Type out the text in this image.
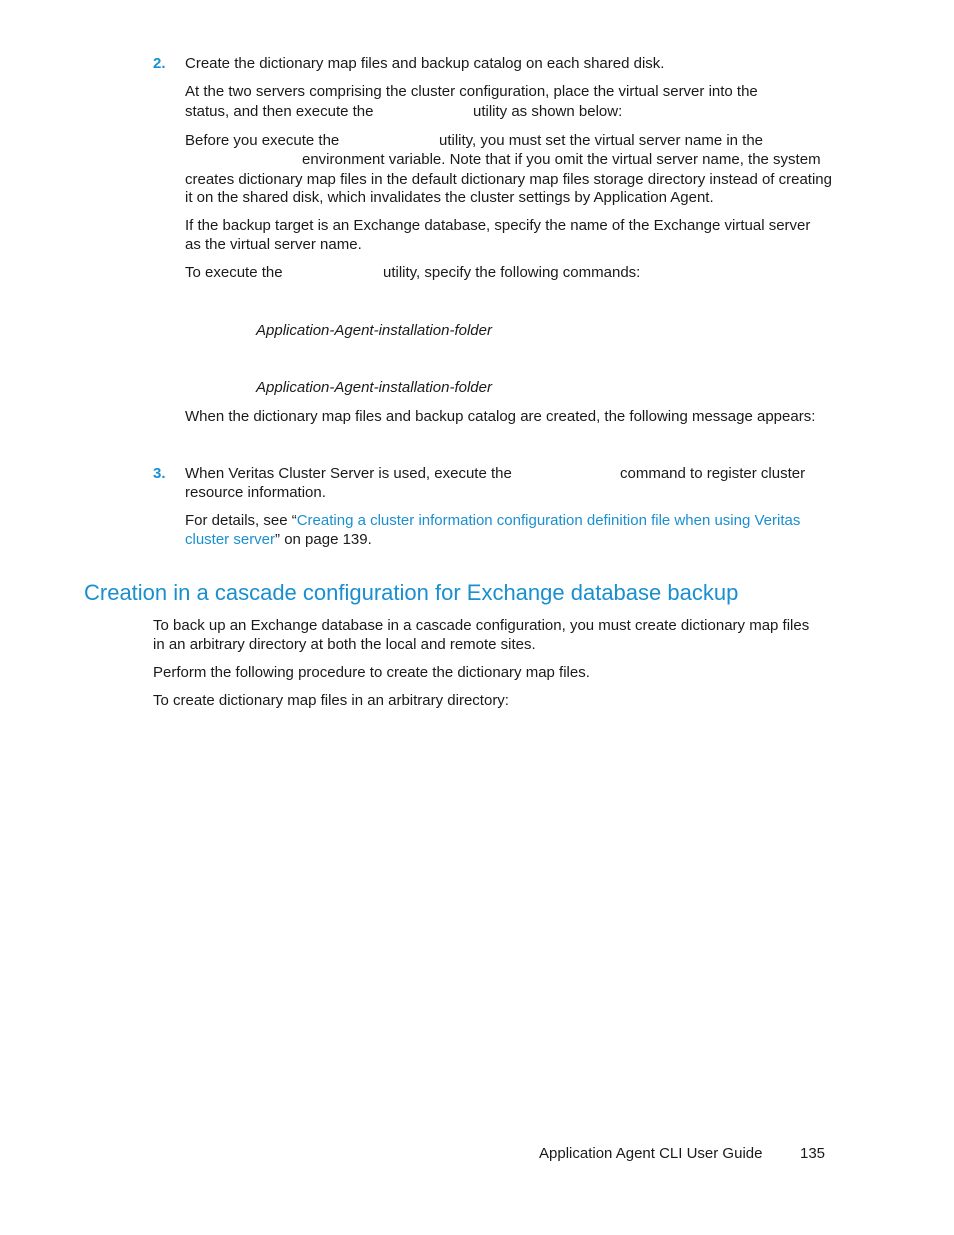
2. Create the dictionary map files and backup catalog on each shared disk.
At the two servers comprising the cluster configuration, place the virtual server into the
status, and then execute the	utility as shown below:
Before you execute the	utility, you must set the virtual server name in the
environment variable. Note that if you omit the virtual server name, the system
creates dictionary map files in the default dictionary map files storage directory instead of creating
it on the shared disk, which invalidates the cluster settings by Application Agent.
If the backup target is an Exchange database, specify the name of the Exchange virtual server
as the virtual server name.
To execute the	utility, specify the following commands:
Application-Agent-installation-folder
Application-Agent-installation-folder
When the dictionary map files and backup catalog are created, the following message appears:
3. When Veritas Cluster Server is used, execute the	command to register cluster
resource information.
For details, see “Creating a cluster information configuration definition file when using Veritas
cluster server” on page 139.
Creation in a cascade configuration for Exchange database backup
To back up an Exchange database in a cascade configuration, you must create dictionary map files
in an arbitrary directory at both the local and remote sites.
Perform the following procedure to create the dictionary map files.
To create dictionary map files in an arbitrary directory:
Application Agent CLI User Guide	135
